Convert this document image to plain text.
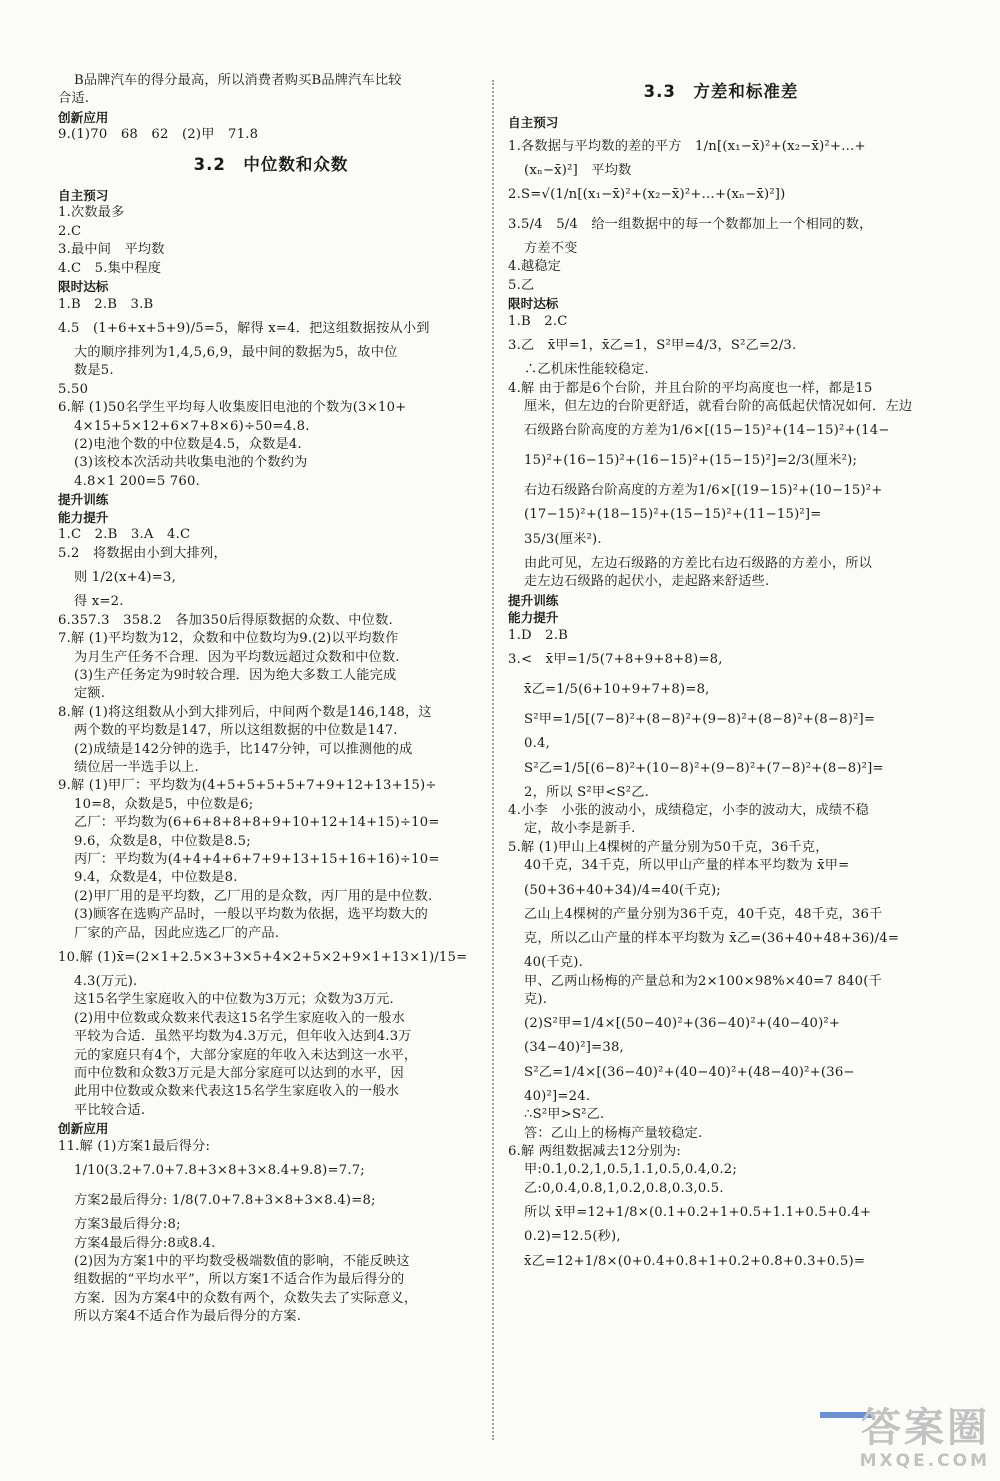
B品牌汽车的得分最高，所以消费者购买B品牌汽车比较
合适.
创新应用
9.(1)70　68　62　(2)甲　71.8
3.2　中位数和众数
自主预习
1.次数最多
2.C
3.最中间　平均数
4.C　5.集中程度
限时达标
1.B　2.B　3.B
4.5　(1+6+x+5+9)/5=5，解得 x=4．把这组数据按从小到
大的顺序排列为1,4,5,6,9，最中间的数据为5，故中位
数是5.
5.50
6.解 (1)50名学生平均每人收集废旧电池的个数为(3×10+
4×15+5×12+6×7+8×6)÷50=4.8.
(2)电池个数的中位数是4.5，众数是4.
(3)该校本次活动共收集电池的个数约为
4.8×1 200=5 760.
提升训练
能力提升
1.C　2.B　3.A　4.C
5.2　将数据由小到大排列，
则 1/2(x+4)=3,
得 x=2.
6.357.3　358.2　各加350后得原数据的众数、中位数.
7.解 (1)平均数为12，众数和中位数均为9.(2)以平均数作
为月生产任务不合理．因为平均数远超过众数和中位数.
(3)生产任务定为9时较合理．因为绝大多数工人能完成
定额.
8.解 (1)将这组数从小到大排列后，中间两个数是146,148，这
两个数的平均数是147，所以这组数据的中位数是147.
(2)成绩是142分钟的选手，比147分钟，可以推测他的成
绩位居一半选手以上.
9.解 (1)甲厂：平均数为(4+5+5+5+5+7+9+12+13+15)÷
10=8，众数是5，中位数是6;
乙厂：平均数为(6+6+8+8+8+9+10+12+14+15)÷10=
9.6，众数是8，中位数是8.5;
丙厂：平均数为(4+4+4+6+7+9+13+15+16+16)÷10=
9.4，众数是4，中位数是8.
(2)甲厂用的是平均数，乙厂用的是众数，丙厂用的是中位数.
(3)顾客在选购产品时，一般以平均数为依据，选平均数大的
厂家的产品，因此应选乙厂的产品.
10.解 (1)x̄=(2×1+2.5×3+3×5+4×2+5×2+9×1+13×1)/15=
4.3(万元).
这15名学生家庭收入的中位数为3万元；众数为3万元.
(2)用中位数或众数来代表这15名学生家庭收入的一般水
平较为合适．虽然平均数为4.3万元，但年收入达到4.3万
元的家庭只有4个，大部分家庭的年收入未达到这一水平，
而中位数和众数3万元是大部分家庭可以达到的水平，因
此用中位数或众数来代表这15名学生家庭收入的一般水
平比较合适.
创新应用
11.解 (1)方案1最后得分:
1/10(3.2+7.0+7.8+3×8+3×8.4+9.8)=7.7;
方案2最后得分: 1/8(7.0+7.8+3×8+3×8.4)=8;
方案3最后得分:8;
方案4最后得分:8或8.4.
(2)因为方案1中的平均数受极端数值的影响，不能反映这
组数据的“平均水平”，所以方案1不适合作为最后得分的
方案．因为方案4中的众数有两个，众数失去了实际意义，
所以方案4不适合作为最后得分的方案.
3.3　方差和标准差
自主预习
1.各数据与平均数的差的平方　1/n[(x₁−x̄)²+(x₂−x̄)²+…+
(xₙ−x̄)²]　平均数
2.S=√(1/n[(x₁−x̄)²+(x₂−x̄)²+…+(xₙ−x̄)²])
3.5/4　5/4　给一组数据中的每一个数都加上一个相同的数，
方差不变
4.越稳定
5.乙
限时达标
1.B　2.C
3.乙　x̄甲=1，x̄乙=1，S²甲=4/3，S²乙=2/3.
∴乙机床性能较稳定.
4.解 由于都是6个台阶，并且台阶的平均高度也一样，都是15
厘米，但左边的台阶更舒适，就看台阶的高低起伏情况如何．左边
石级路台阶高度的方差为1/6×[(15−15)²+(14−15)²+(14−
15)²+(16−15)²+(16−15)²+(15−15)²]=2/3(厘米²);
右边石级路台阶高度的方差为1/6×[(19−15)²+(10−15)²+
(17−15)²+(18−15)²+(15−15)²+(11−15)²]=
35/3(厘米²).
由此可见，左边石级路的方差比右边石级路的方差小，所以
走左边石级路的起伏小，走起路来舒适些.
提升训练
能力提升
1.D　2.B
3.<　x̄甲=1/5(7+8+9+8+8)=8,
x̄乙=1/5(6+10+9+7+8)=8,
S²甲=1/5[(7−8)²+(8−8)²+(9−8)²+(8−8)²+(8−8)²]=
0.4,
S²乙=1/5[(6−8)²+(10−8)²+(9−8)²+(7−8)²+(8−8)²]=
2，所以 S²甲<S²乙.
4.小李　小张的波动小，成绩稳定，小李的波动大，成绩不稳
定，故小李是新手.
5.解 (1)甲山上4棵树的产量分别为50千克，36千克，
40千克，34千克，所以甲山产量的样本平均数为 x̄甲=
(50+36+40+34)/4=40(千克);
乙山上4棵树的产量分别为36千克，40千克，48千克，36千
克，所以乙山产量的样本平均数为 x̄乙=(36+40+48+36)/4=
40(千克).
甲、乙两山杨梅的产量总和为2×100×98%×40=7 840(千
克).
(2)S²甲=1/4×[(50−40)²+(36−40)²+(40−40)²+
(34−40)²]=38,
S²乙=1/4×[(36−40)²+(40−40)²+(48−40)²+(36−
40)²]=24.
∴S²甲>S²乙.
答：乙山上的杨梅产量较稳定.
6.解 两组数据减去12分别为:
甲:0.1,0.2,1,0.5,1.1,0.5,0.4,0.2;
乙:0,0.4,0.8,1,0.2,0.8,0.3,0.5.
所以 x̄甲=12+1/8×(0.1+0.2+1+0.5+1.1+0.5+0.4+
0.2)=12.5(秒),
x̄乙=12+1/8×(0+0.4+0.8+1+0.2+0.8+0.3+0.5)=
答案圈
MXQE.COM
